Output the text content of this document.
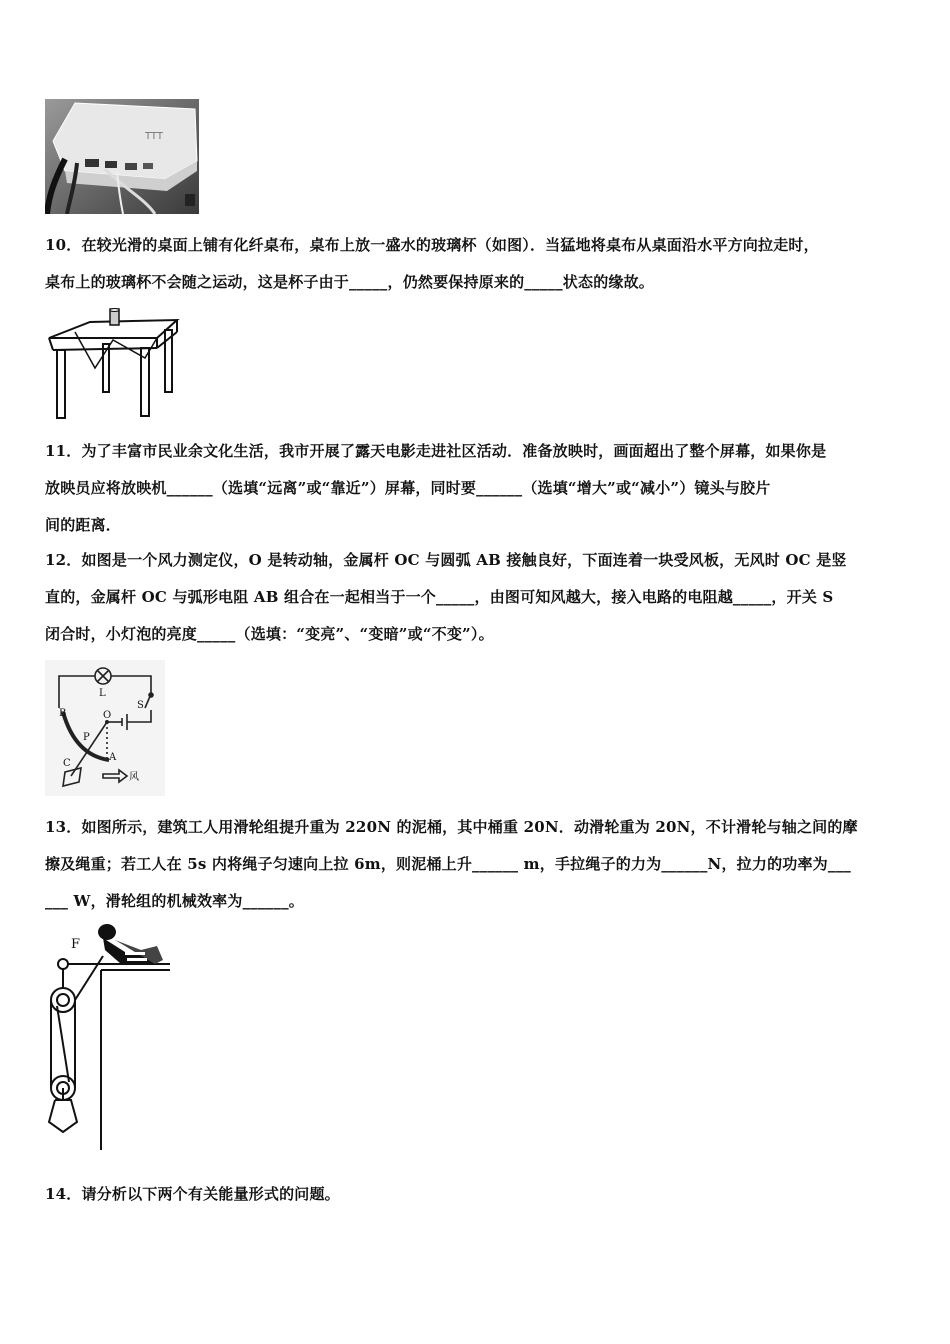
TTT

10．在较光滑的桌面上铺有化纤桌布，桌布上放一盛水的玻璃杯（如图）．当猛地将桌布从桌面沿水平方向拉走时，

桌布上的玻璃杯不会随之运动，这是杯子由于_____，仍然要保持原来的_____状态的缘故。

11．为了丰富市民业余文化生活，我市开展了露天电影走进社区活动．准备放映时，画面超出了整个屏幕，如果你是

放映员应将放映机______（选填“远离”或“靠近”）屏幕，同时要______（选填“增大”或“减小”）镜头与胶片

间的距离．

12．如图是一个风力测定仪，O 是转动轴，金属杆 OC 与圆弧 AB 接触良好，下面连着一块受风板，无风时 OC 是竖

直的，金属杆 OC 与弧形电阻 AB 组合在一起相当于一个_____，由图可知风越大，接入电路的电阻越_____，开关 S

闭合时，小灯泡的亮度_____（选填：“变亮”、“变暗”或“不变”）。

L
S
O
B
A
P
C
风

13．如图所示，建筑工人用滑轮组提升重为 220N 的泥桶，其中桶重 20N．动滑轮重为 20N，不计滑轮与轴之间的摩

擦及绳重；若工人在 5s 内将绳子匀速向上拉 6m，则泥桶上升______ m，手拉绳子的力为______N，拉力的功率为___

___ W，滑轮组的机械效率为______。

F

14．请分析以下两个有关能量形式的问题。
